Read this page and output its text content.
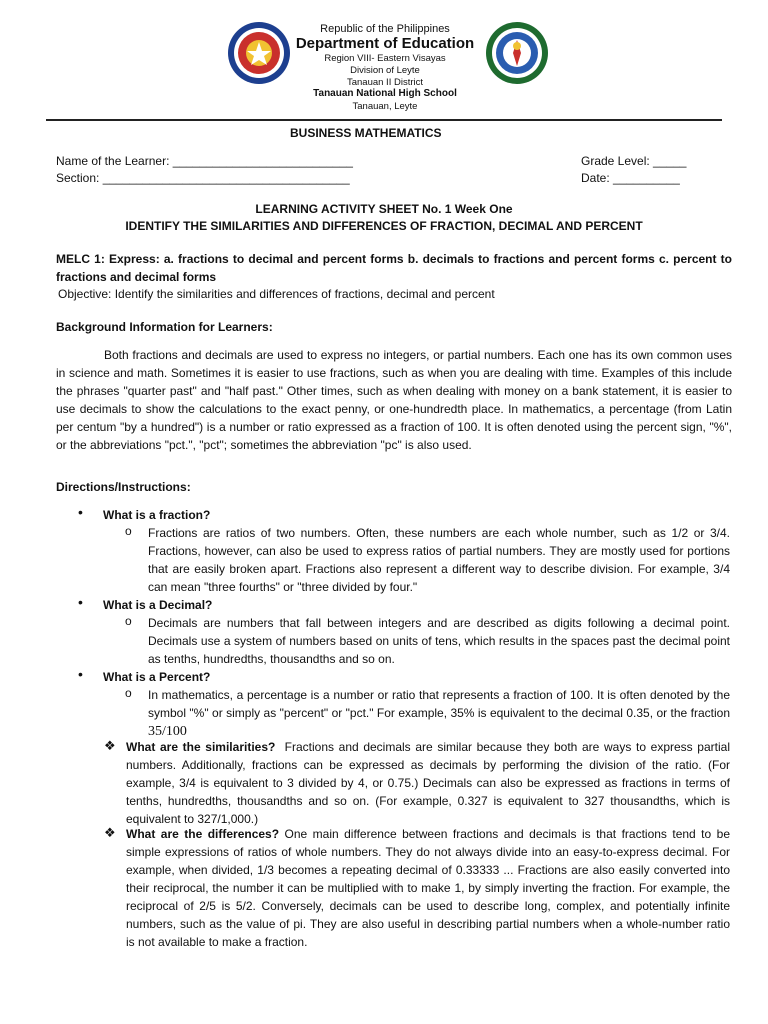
Republic of the Philippines
Department of Education
Region VIII- Eastern Visayas
Division of Leyte
Tanauan II District
Tanauan National High School
Tanauan, Leyte
BUSINESS MATHEMATICS
Name of the Learner: ___________________________	Grade Level: _____
Section: _____________________________________	Date: __________
LEARNING ACTIVITY SHEET No. 1 Week One
IDENTIFY THE SIMILARITIES AND DIFFERENCES OF FRACTION, DECIMAL AND PERCENT
MELC 1: Express: a. fractions to decimal and percent forms b. decimals to fractions and percent forms c. percent to fractions and decimal forms
Objective: Identify the similarities and differences of fractions, decimal and percent
Background Information for Learners:
Both fractions and decimals are used to express no integers, or partial numbers. Each one has its own common uses in science and math. Sometimes it is easier to use fractions, such as when you are dealing with time. Examples of this include the phrases "quarter past" and "half past." Other times, such as when dealing with money on a bank statement, it is easier to use decimals to show the calculations to the exact penny, or one-hundredth place. In mathematics, a percentage (from Latin per centum "by a hundred") is a number or ratio expressed as a fraction of 100. It is often denoted using the percent sign, "%", or the abbreviations "pct.", "pct"; sometimes the abbreviation "pc" is also used.
Directions/Instructions:
• What is a fraction?
o Fractions are ratios of two numbers. Often, these numbers are each whole number, such as 1/2 or 3/4. Fractions, however, can also be used to express ratios of partial numbers. They are mostly used for portions that are easily broken apart. Fractions also represent a different way to describe division. For example, 3/4 can mean "three fourths" or "three divided by four."
• What is a Decimal?
o Decimals are numbers that fall between integers and are described as digits following a decimal point. Decimals use a system of numbers based on units of tens, which results in the spaces past the decimal point as tenths, hundredths, thousandths and so on.
• What is a Percent?
o In mathematics, a percentage is a number or ratio that represents a fraction of 100. It is often denoted by the symbol "%" or simply as "percent" or "pct." For example, 35% is equivalent to the decimal 0.35, or the fraction 35/100
❖ What are the similarities? Fractions and decimals are similar because they both are ways to express partial numbers. Additionally, fractions can be expressed as decimals by performing the division of the ratio. (For example, 3/4 is equivalent to 3 divided by 4, or 0.75.) Decimals can also be expressed as fractions in terms of tenths, hundredths, thousandths and so on. (For example, 0.327 is equivalent to 327 thousandths, which is equivalent to 327/1,000.)
❖ What are the differences? One main difference between fractions and decimals is that fractions tend to be simple expressions of ratios of whole numbers. They do not always divide into an easy-to-express decimal. For example, when divided, 1/3 becomes a repeating decimal of 0.33333 ... Fractions are also easily converted into their reciprocal, the number it can be multiplied with to make 1, by simply inverting the fraction. For example, the reciprocal of 2/5 is 5/2. Conversely, decimals can be used to describe long, complex, and potentially infinite numbers, such as the value of pi. They are also useful in describing partial numbers when a whole-number ratio is not available to make a fraction.
